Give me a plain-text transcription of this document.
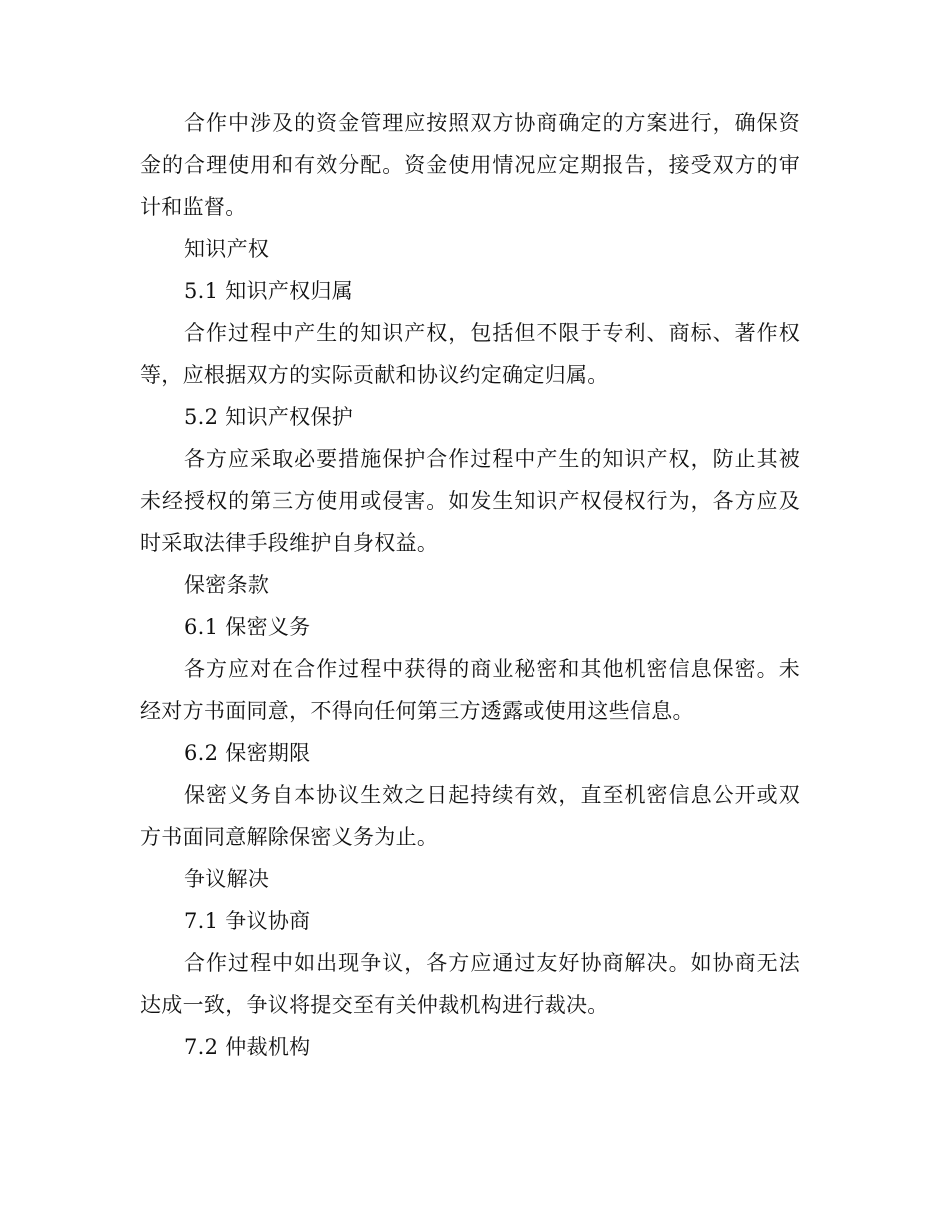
合作中涉及的资金管理应按照双方协商确定的方案进行，确保资金的合理使用和有效分配。资金使用情况应定期报告，接受双方的审计和监督。

知识产权

5.1 知识产权归属

合作过程中产生的知识产权，包括但不限于专利、商标、著作权等，应根据双方的实际贡献和协议约定确定归属。

5.2 知识产权保护

各方应采取必要措施保护合作过程中产生的知识产权，防止其被未经授权的第三方使用或侵害。如发生知识产权侵权行为，各方应及时采取法律手段维护自身权益。

保密条款

6.1 保密义务

各方应对在合作过程中获得的商业秘密和其他机密信息保密。未经对方书面同意，不得向任何第三方透露或使用这些信息。

6.2 保密期限

保密义务自本协议生效之日起持续有效，直至机密信息公开或双方书面同意解除保密义务为止。

争议解决

7.1 争议协商

合作过程中如出现争议，各方应通过友好协商解决。如协商无法达成一致，争议将提交至有关仲裁机构进行裁决。

7.2 仲裁机构
